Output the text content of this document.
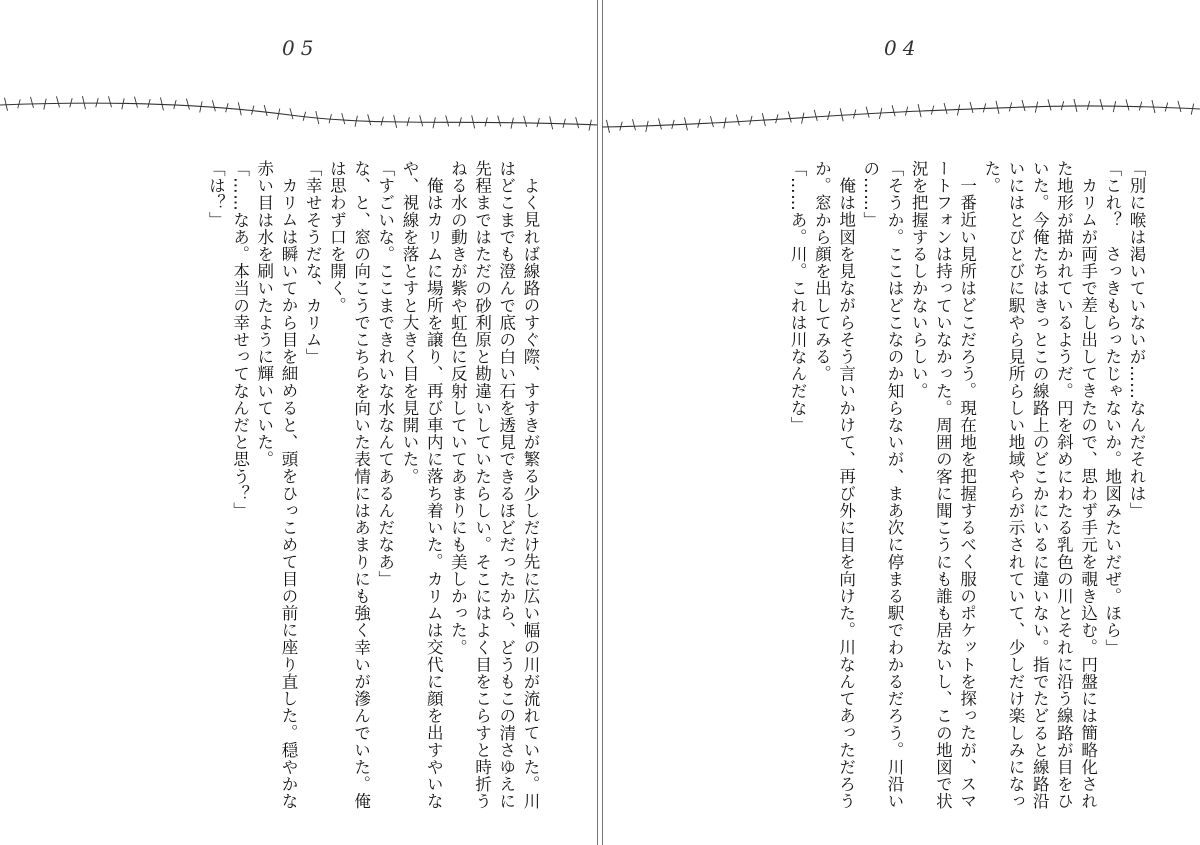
05

よく見れば線路のすぐ際、すすきが繁る少しだけ先に広い幅の川が流れていた。川はどこまでも澄んで底の白い石を透見できるほどだったから、どうもこの清さゆえに先程まではただの砂利原と勘違いしていたらしい。そこにはよく目をこらすと時折うねる水の動きが紫や虹色に反射していてあまりにも美しかった。

俺はカリムに場所を譲り、再び車内に落ち着いた。カリムは交代に顔を出すやいなや、視線を落とすと大きく目を見開いた。

「すごいな。ここまできれいな水なんてあるんだなあ」

な、と、窓の向こうでこちらを向いた表情にはあまりにも強く幸いが滲んでいた。俺は思わず口を開く。

「幸せそうだな、カリム」

カリムは瞬いてから目を細めると、頭をひっこめて目の前に座り直した。穏やかな赤い目は水を刷いたように輝いていた。

「……なあ。本当の幸せってなんだと思う？」

「は？」

04

「別に喉は渇いていないが……なんだそれは」

「これ？　さっきもらったじゃないか。地図みたいだぜ。ほら」

カリムが両手で差し出してきたので、思わず手元を覗き込む。円盤には簡略化された地形が描かれているようだ。円を斜めにわたる乳色の川とそれに沿う線路が目をひいた。今俺たちはきっとこの線路上のどこかにいるに違いない。指でたどると線路沿いにはとびとびに駅やら見所らしい地域やらが示されていて、少しだけ楽しみになった。

一番近い見所はどこだろう。現在地を把握するべく服のポケットを探ったが、スマートフォンは持っていなかった。周囲の客に聞こうにも誰も居ないし、この地図で状況を把握するしかないらしい。

「そうか。ここはどこなのか知らないが、まあ次に停まる駅でわかるだろう。川沿いの……」

俺は地図を見ながらそう言いかけて、再び外に目を向けた。川なんてあっただろうか。窓から顔を出してみる。

「……あ。川。これは川なんだな」
